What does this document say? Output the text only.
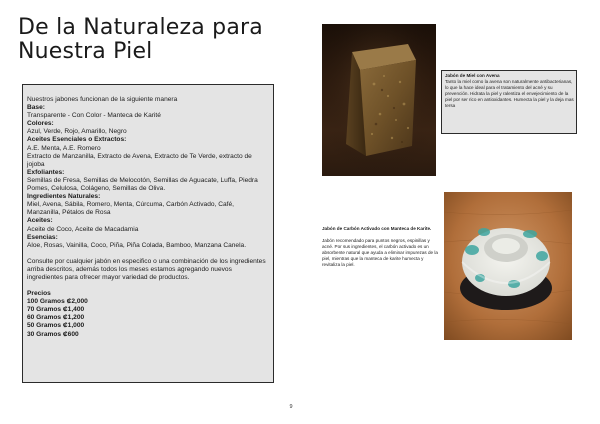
De la Naturaleza para
Nuestra Piel

Nuestros jabones funcionan de la siguiente manera

Base:

Transparente - Con Color - Manteca de Karité

Colores:

Azul, Verde, Rojo, Amarillo, Negro

Aceites Esenciales o Extractos:

A.E. Menta, A.E. Romero

Extracto de Manzanilla, Extracto de Avena, Extracto de Te Verde, extracto de jojoba

Exfoliantes:

Semillas de Fresa, Semillas de Melocotón, Semillas de Aguacate, Luffa, Piedra Pomes, Celulosa, Colágeno, Semillas de Oliva.

Ingredientes Naturales:

Miel, Avena, Sábila, Romero, Menta, Cúrcuma, Carbón Activado, Café, Manzanilla, Pétalos de Rosa

Aceites:

Aceite de Coco, Aceite de Macadamia

Esencias:

Aloe, Rosas, Vainilla, Coco, Piña, Piña Colada, Bamboo, Manzana Canela.

Consulte por cualquier jabón en especifico o una combinación de los ingredientes arriba descritos, además todos los meses estamos agregando nuevos ingredientes para ofrecer mayor variedad de productos.

Precios

100 Gramos ₡2,000

70 Gramos ₡1,400

60 Gramos ₡1,200

50 Gramos ₡1,000

30 Gramos ₡600

Jabón de Miel con Avena

Tanto la miel como la avena son naturalmente antibacterianas, lo que la hace ideal para el tratamiento del acné y su prevención. Hidrata la piel y ralentiza el envejecimiento de la piel por ser rico en antioxidantes. Humecta la piel y la deja mas tersa

Jabón de Carbón Activado con Manteca de Karite.

Jabón recomendado para puntos negros, espinillas y acné. Por sus ingredientes, el carbón activado es un absorbente natural que ayuda a eliminar impurezas de la piel, mientras que la manteca de karite humecta y revitaliza la piel.

9
